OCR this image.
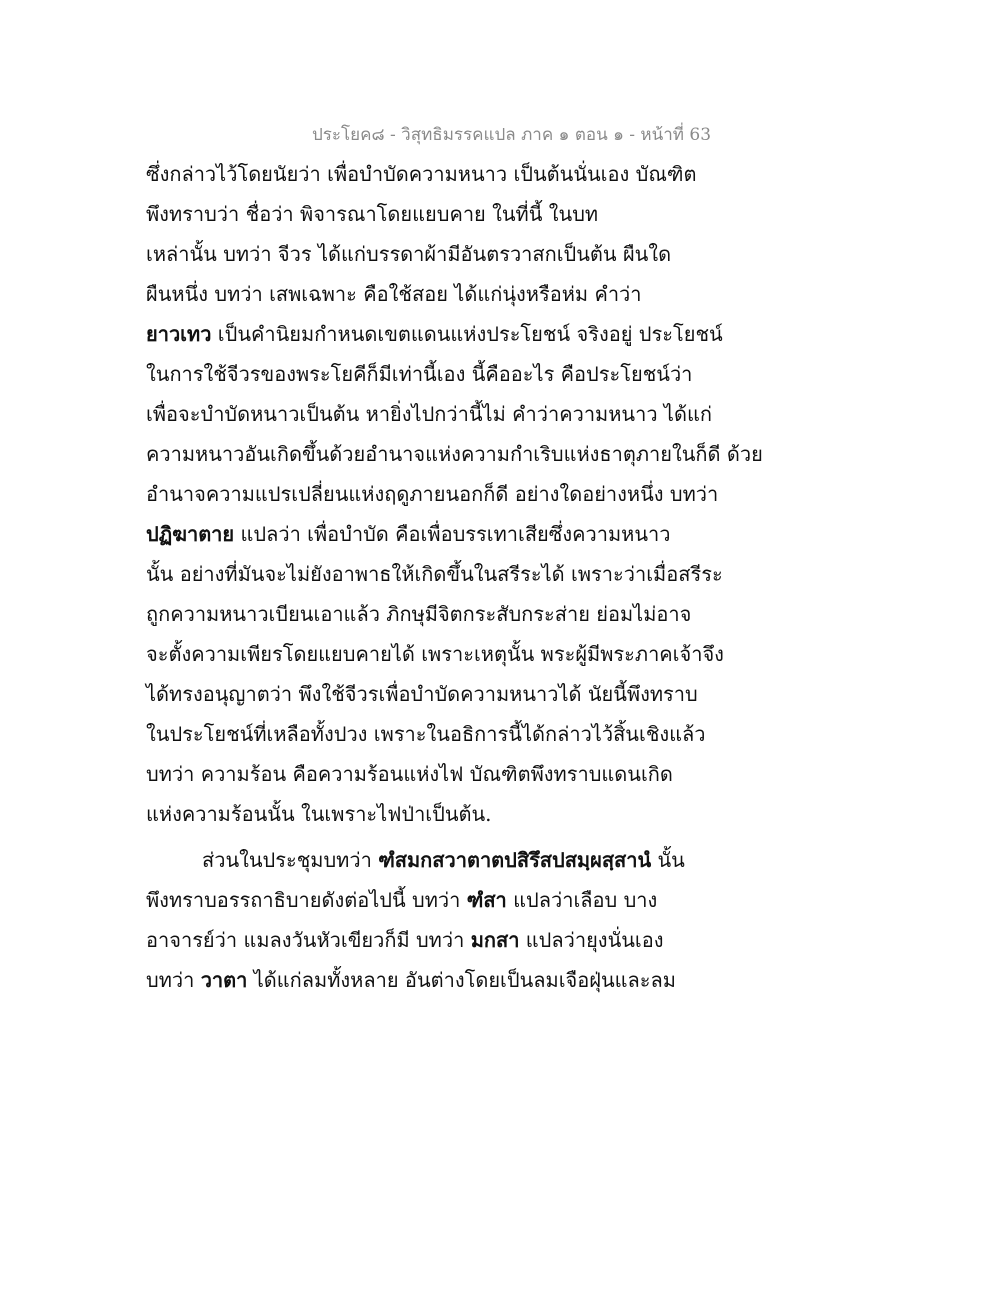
ประโยค๘ - วิสุทธิมรรคแปล ภาค ๑ ตอน ๑ - หน้าที่ 63
ซึ่งกล่าวไว้โดยนัยว่า เพื่อบำบัดความหนาว เป็นต้นนั่นเอง บัณฑิต
พึงทราบว่า ชื่อว่า พิจารณาโดยแยบคาย ในที่นี้ ในบท
เหล่านั้น บทว่า จีวร ได้แก่บรรดาผ้ามีอันตรวาสกเป็นต้น ผืนใด
ผืนหนึ่ง บทว่า เสพเฉพาะ คือใช้สอย ได้แก่นุ่งหรือห่ม คำว่า
ยาวเทว เป็นคำนิยมกำหนดเขตแดนแห่งประโยชน์ จริงอยู่ ประโยชน์
ในการใช้จีวรของพระโยคีก็มีเท่านี้เอง นี้คืออะไร คือประโยชน์ว่า
เพื่อจะบำบัดหนาวเป็นต้น หายิ่งไปกว่านี้ไม่ คำว่าความหนาว ได้แก่
ความหนาวอันเกิดขึ้นด้วยอำนาจแห่งความกำเริบแห่งธาตุภายในก็ดี ด้วย
อำนาจความแปรเปลี่ยนแห่งฤดูภายนอกก็ดี อย่างใดอย่างหนึ่ง บทว่า
ปฏิฆาตาย แปลว่า เพื่อบำบัด คือเพื่อบรรเทาเสียซึ่งความหนาว
นั้น อย่างที่มันจะไม่ยังอาพาธให้เกิดขึ้นในสรีระได้ เพราะว่าเมื่อสรีระ
ถูกความหนาวเบียนเอาแล้ว ภิกษุมีจิตกระสับกระส่าย ย่อมไม่อาจ
จะตั้งความเพียรโดยแยบคายได้ เพราะเหตุนั้น พระผู้มีพระภาคเจ้าจึง
ได้ทรงอนุญาตว่า พึงใช้จีวรเพื่อบำบัดความหนาวได้ นัยนี้พึงทราบ
ในประโยชน์ที่เหลือทั้งปวง เพราะในอธิการนี้ได้กล่าวไว้สิ้นเชิงแล้ว
บทว่า ความร้อน คือความร้อนแห่งไฟ บัณฑิตพึงทราบแดนเกิด
แห่งความร้อนนั้น ในเพราะไฟป่าเป็นต้น.
ส่วนในประชุมบทว่า ฑํสมกสวาตาตปสิรึสปสมฺผสฺสานํ นั้น
พึงทราบอรรถาธิบายดังต่อไปนี้ บทว่า ฑํสา แปลว่าเลือบ บาง
อาจารย์ว่า แมลงวันหัวเขียวก็มี บทว่า มกสา แปลว่ายุงนั่นเอง
บทว่า วาตา ได้แก่ลมทั้งหลาย อันต่างโดยเป็นลมเจือฝุ่นและลม
